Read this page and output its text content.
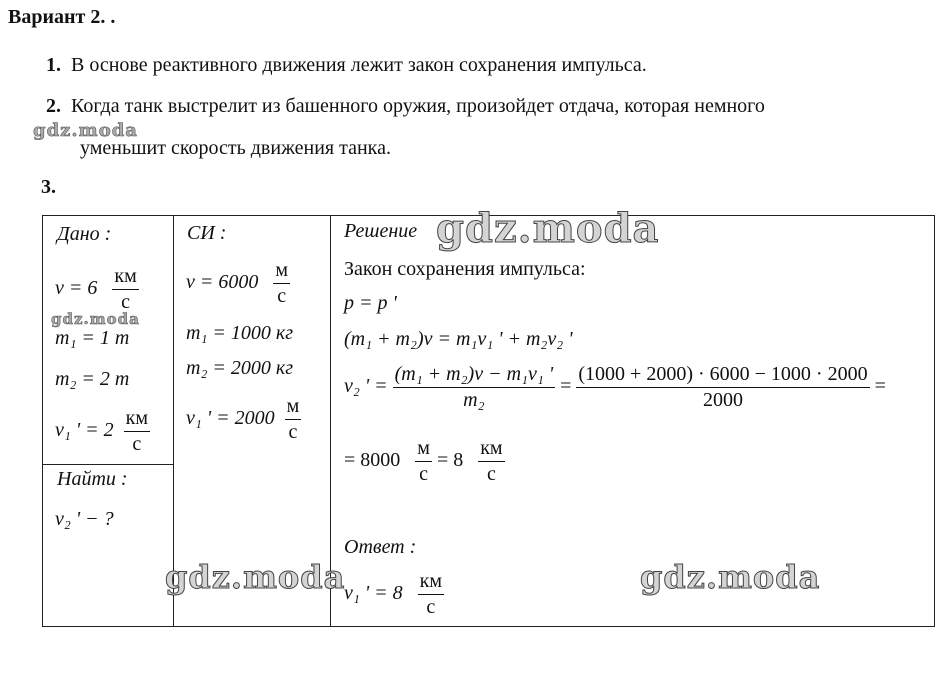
Вариант 2. .
1. В основе реактивного движения лежит закон сохранения импульса.
2. Когда танк выстрелит из башенного оружия, произойдет отдача, которая немного
уменьшит скорость движения танка.
3.
Дано :
$v = 6 \frac{км}{с}$
m₁ = 1 т
m₂ = 2 т
v₁ ' = $2 \frac{км}{с}$
Найти :
v₂ ' − ?
СИ :
$v = 6000 \frac{м}{с}$
m₁ = 1000 кг
m₂ = 2000 кг
v₁ ' = $2000 \frac{м}{с}$
Решение
Закон сохранения импульса:
p = p '
(m₁ + m₂)v = m₁v₁ ' + m₂v₂ '
v₂ ' = $\frac{\text{(m₁ + m₂)v − m₁v₁ '}}{\text{m₂}} = \frac{(1000 + 2000) \cdot 6000 - 1000 \cdot 2000}{2000}$ =
= $8000 \frac{м}{с} = 8 \frac{км}{с}$
Ответ :
v₁ ' = $8 \frac{км}{с}$
gdz.moda
gdz.moda
gdz.moda
gdz.moda	gdz.moda
